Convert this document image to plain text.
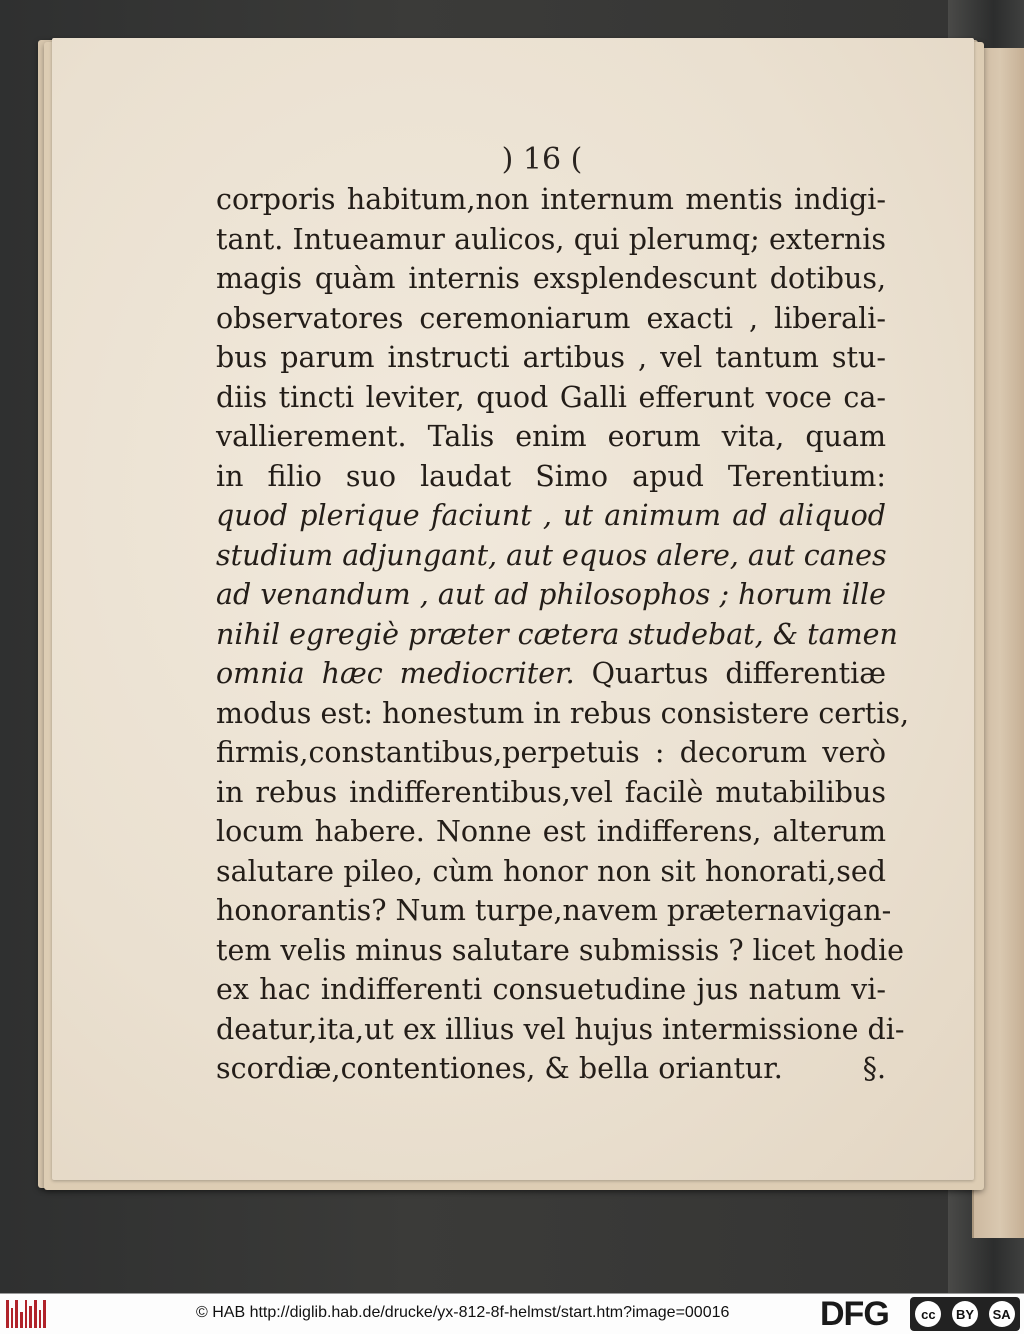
) 16 (
corporis habitum,non internum mentis indigi-
tant. Intueamur aulicos, qui plerumq; externis
magis quàm internis exsplendescunt dotibus,
observatores ceremoniarum exacti , liberali-
bus parum instructi artibus , vel tantum stu-
diis tincti leviter, quod Galli efferunt voce ca-
vallierement. Talis enim eorum vita, quam
in filio suo laudat Simo apud Terentium:
quod plerique faciunt , ut animum ad aliquod
studium adjungant, aut equos alere, aut canes
ad venandum , aut ad philosophos ; horum ille
nihil egregiè præter cætera studebat, & tamen
omnia hæc mediocriter. Quartus differentiæ
modus est: honestum in rebus consistere certis,
firmis,constantibus,perpetuis : decorum verò
in rebus indifferentibus,vel facilè mutabilibus
locum habere. Nonne est indifferens, alterum
salutare pileo, cùm honor non sit honorati,sed
honorantis? Num turpe,navem præternavigan-
tem velis minus salutare submissis ? licet hodie
ex hac indifferenti consuetudine jus natum vi-
deatur,ita,ut ex illius vel hujus intermissione di-
scordiæ,contentiones, & bella oriantur.	§.
© HAB http://diglib.hab.de/drucke/yx-812-8f-helmst/start.htm?image=00016	DFG	cc	BY	SA
